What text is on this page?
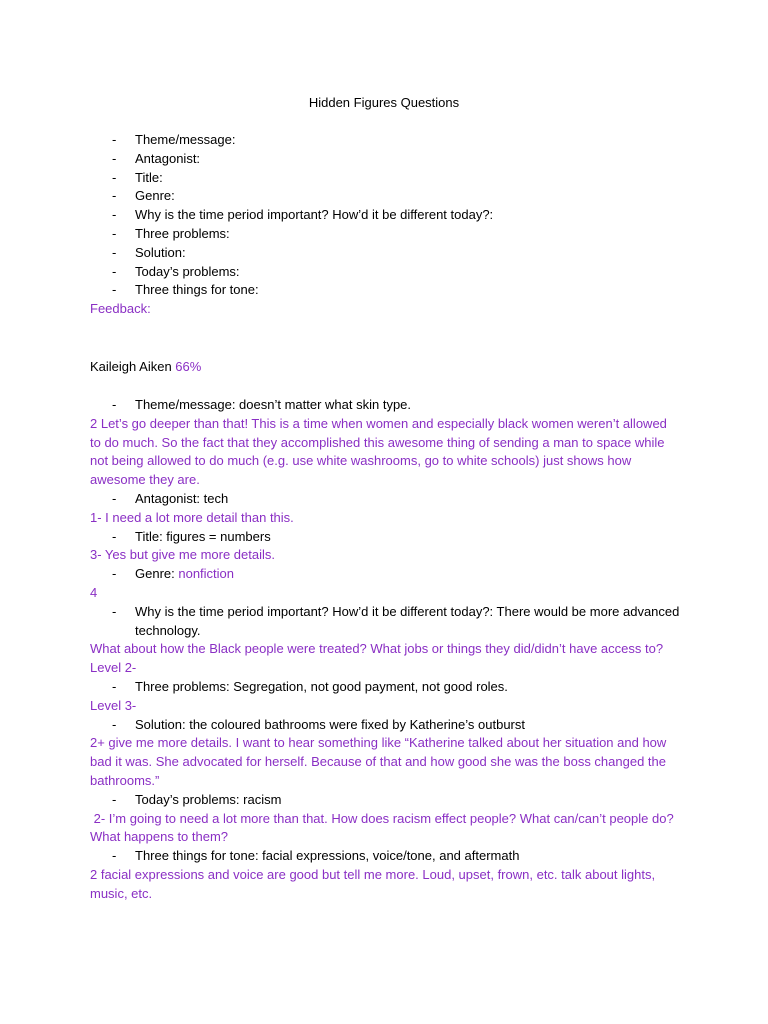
Hidden Figures Questions
- Theme/message:
- Antagonist:
- Title:
- Genre:
- Why is the time period important? How’d it be different today?:
- Three problems:
- Solution:
- Today’s problems:
- Three things for tone:
Feedback:
Kaileigh Aiken 66%
- Theme/message: doesn’t matter what skin type.
2 Let’s go deeper than that! This is a time when women and especially black women weren’t allowed to do much. So the fact that they accomplished this awesome thing of sending a man to space while not being allowed to do much (e.g. use white washrooms, go to white schools) just shows how awesome they are.
- Antagonist: tech
1- I need a lot more detail than this.
- Title: figures = numbers
3- Yes but give me more details.
- Genre: nonfiction
4
- Why is the time period important? How’d it be different today?: There would be more advanced technology.
What about how the Black people were treated? What jobs or things they did/didn’t have access to? Level 2-
- Three problems: Segregation, not good payment, not good roles.
Level 3-
- Solution: the coloured bathrooms were fixed by Katherine’s outburst
2+ give me more details. I want to hear something like “Katherine talked about her situation and how bad it was. She advocated for herself. Because of that and how good she was the boss changed the bathrooms.”
- Today’s problems: racism
2- I’m going to need a lot more than that. How does racism effect people? What can/can’t people do? What happens to them?
- Three things for tone: facial expressions, voice/tone, and aftermath
2 facial expressions and voice are good but tell me more. Loud, upset, frown, etc. talk about lights, music, etc.
